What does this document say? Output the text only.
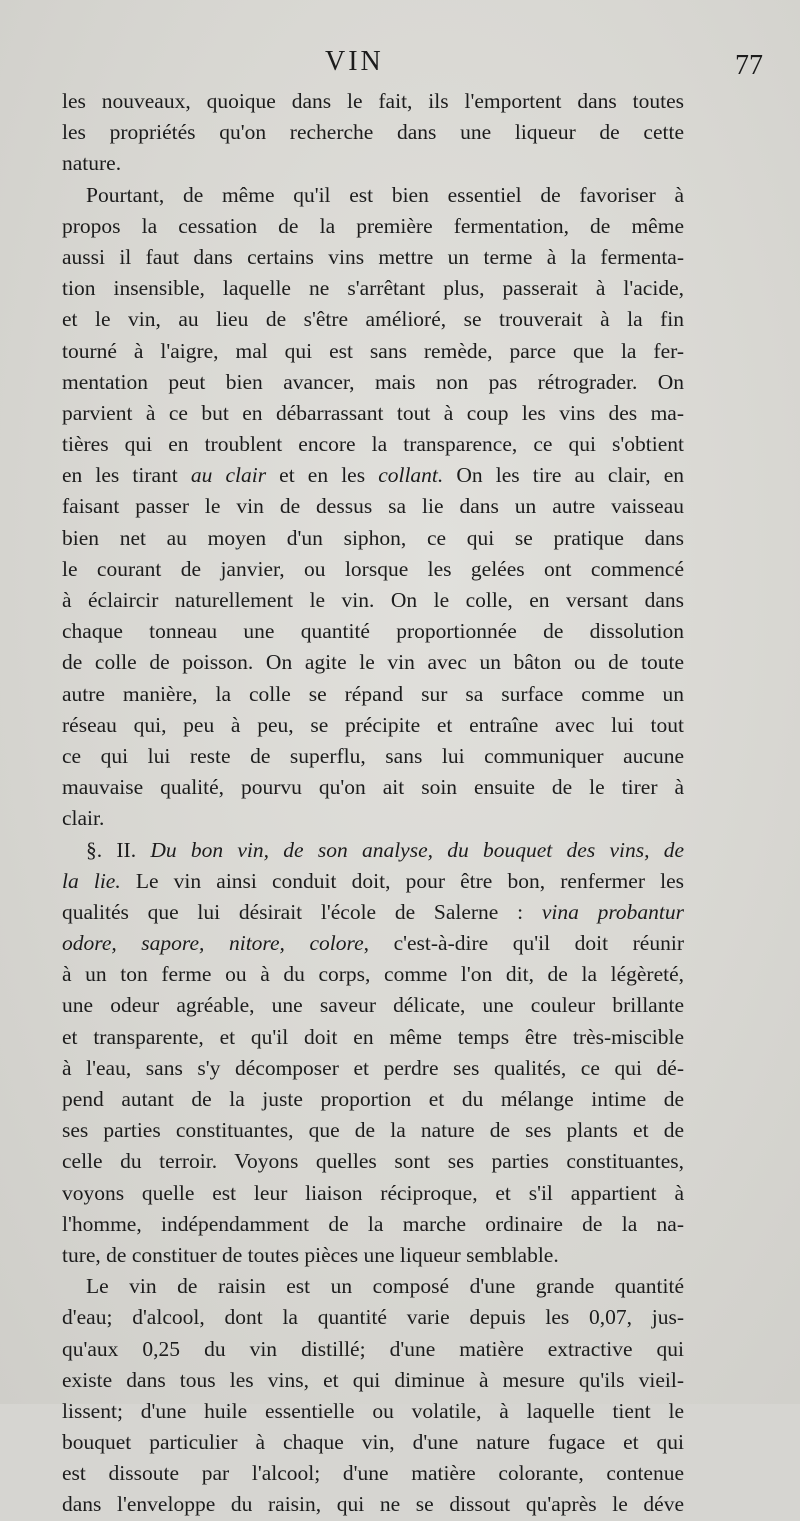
VIN	77
les nouveaux, quoique dans le fait, ils l'emportent dans toutes
les propriétés qu'on recherche dans une liqueur de cette
nature.
Pourtant, de même qu'il est bien essentiel de favoriser à
propos la cessation de la première fermentation, de même
aussi il faut dans certains vins mettre un terme à la fermenta-
tion insensible, laquelle ne s'arrêtant plus, passerait à l'acide,
et le vin, au lieu de s'être amélioré, se trouverait à la fin
tourné à l'aigre, mal qui est sans remède, parce que la fer-
mentation peut bien avancer, mais non pas rétrograder. On
parvient à ce but en débarrassant tout à coup les vins des ma-
tières qui en troublent encore la transparence, ce qui s'obtient
en les tirant au clair et en les collant. On les tire au clair, en
faisant passer le vin de dessus sa lie dans un autre vaisseau
bien net au moyen d'un siphon, ce qui se pratique dans
le courant de janvier, ou lorsque les gelées ont commencé
à éclaircir naturellement le vin. On le colle, en versant dans
chaque tonneau une quantité proportionnée de dissolution
de colle de poisson. On agite le vin avec un bâton ou de toute
autre manière, la colle se répand sur sa surface comme un
réseau qui, peu à peu, se précipite et entraîne avec lui tout
ce qui lui reste de superflu, sans lui communiquer aucune
mauvaise qualité, pourvu qu'on ait soin ensuite de le tirer à
clair.
§. II. Du bon vin, de son analyse, du bouquet des vins, de
la lie. Le vin ainsi conduit doit, pour être bon, renfermer les
qualités que lui désirait l'école de Salerne : vina probantur
odore, sapore, nitore, colore, c'est-à-dire qu'il doit réunir
à un ton ferme ou à du corps, comme l'on dit, de la légèreté,
une odeur agréable, une saveur délicate, une couleur brillante
et transparente, et qu'il doit en même temps être très-miscible
à l'eau, sans s'y décomposer et perdre ses qualités, ce qui dé-
pend autant de la juste proportion et du mélange intime de
ses parties constituantes, que de la nature de ses plants et de
celle du terroir. Voyons quelles sont ses parties constituantes,
voyons quelle est leur liaison réciproque, et s'il appartient à
l'homme, indépendamment de la marche ordinaire de la na-
ture, de constituer de toutes pièces une liqueur semblable.
Le vin de raisin est un composé d'une grande quantité
d'eau; d'alcool, dont la quantité varie depuis les 0,07, jus-
qu'aux 0,25 du vin distillé; d'une matière extractive qui
existe dans tous les vins, et qui diminue à mesure qu'ils vieil-
lissent; d'une huile essentielle ou volatile, à laquelle tient le
bouquet particulier à chaque vin, d'une nature fugace et qui
est dissoute par l'alcool; d'une matière colorante, contenue
dans l'enveloppe du raisin, qui ne se dissout qu'après le déve
